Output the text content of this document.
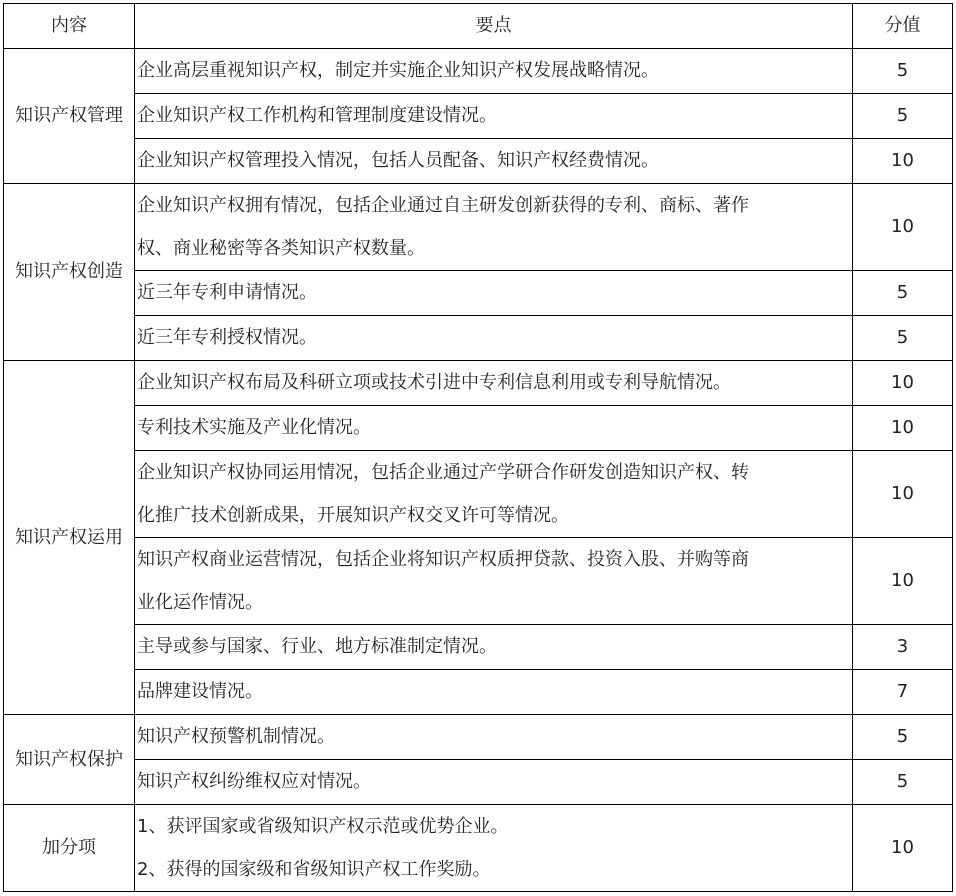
内容	要点	分值
知识产权管理	企业高层重视知识产权，制定并实施企业知识产权发展战略情况。	5

	企业知识产权工作机构和管理制度建设情况。	5

	企业知识产权管理投入情况，包括人员配备、知识产权经费情况。	10
知识产权创造	企业知识产权拥有情况，包括企业通过自主研发创新获得的专利、商标、著作
权、商业秘密等各类知识产权数量。	10

	近三年专利申请情况。	5

	近三年专利授权情况。	5
知识产权运用	企业知识产权布局及科研立项或技术引进中专利信息利用或专利导航情况。	10

	专利技术实施及产业化情况。	10

	企业知识产权协同运用情况，包括企业通过产学研合作研发创造知识产权、转
化推广技术创新成果，开展知识产权交叉许可等情况。	10

	知识产权商业运营情况，包括企业将知识产权质押贷款、投资入股、并购等商
业化运作情况。	10

	主导或参与国家、行业、地方标准制定情况。	3

	品牌建设情况。	7
知识产权保护	知识产权预警机制情况。	5

	知识产权纠纷维权应对情况。	5
加分项	1、获评国家或省级知识产权示范或优势企业。
2、获得的国家级和省级知识产权工作奖励。	10
